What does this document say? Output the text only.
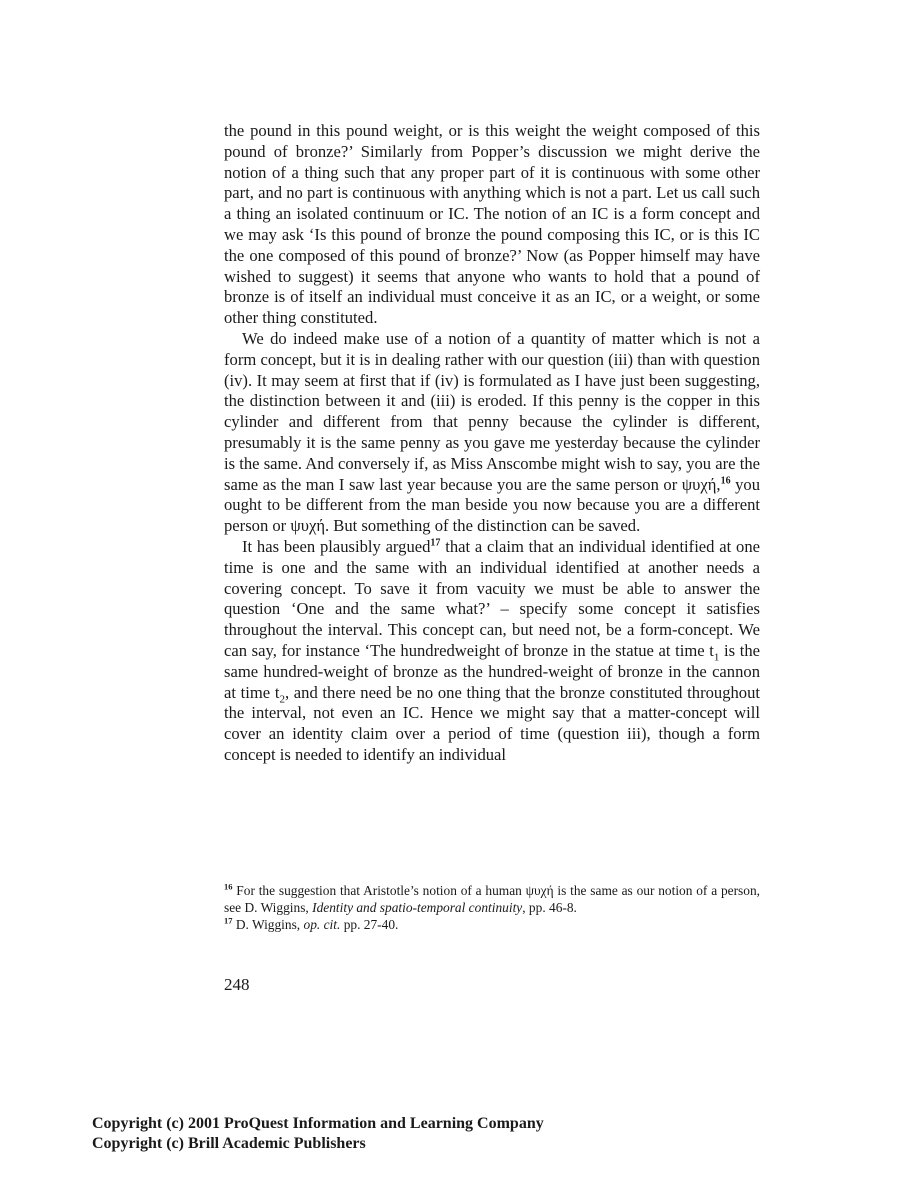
the pound in this pound weight, or is this weight the weight composed of this pound of bronze?’ Similarly from Popper’s discussion we might derive the notion of a thing such that any proper part of it is continuous with some other part, and no part is continuous with anything which is not a part. Let us call such a thing an isolated continuum or IC. The notion of an IC is a form concept and we may ask ‘Is this pound of bronze the pound composing this IC, or is this IC the one composed of this pound of bronze?’ Now (as Popper himself may have wished to suggest) it seems that anyone who wants to hold that a pound of bronze is of itself an individual must conceive it as an IC, or a weight, or some other thing constituted.

We do indeed make use of a notion of a quantity of matter which is not a form concept, but it is in dealing rather with our question (iii) than with question (iv). It may seem at first that if (iv) is formulated as I have just been suggesting, the distinction between it and (iii) is eroded. If this penny is the copper in this cylinder and different from that penny because the cylinder is different, presumably it is the same penny as you gave me yesterday because the cylinder is the same. And conversely if, as Miss Anscombe might wish to say, you are the same as the man I saw last year because you are the same person or ψυχή,$^{16}$ you ought to be different from the man beside you now because you are a different person or ψυχή. But something of the distinction can be saved.

It has been plausibly argued$^{17}$ that a claim that an individual identified at one time is one and the same with an individual identified at another needs a covering concept. To save it from vacuity we must be able to answer the question ‘One and the same what?’ – specify some concept it satisfies throughout the interval. This concept can, but need not, be a form-concept. We can say, for instance ‘The hundredweight of bronze in the statue at time $t_1$ is the same hundred-weight of bronze as the hundred-weight of bronze in the cannon at time $t_2$, and there need be no one thing that the bronze constituted throughout the interval, not even an IC. Hence we might say that a matter-concept will cover an identity claim over a period of time (question iii), though a form concept is needed to identify an individual

$^{16}$ For the suggestion that Aristotle’s notion of a human ψυχή is the same as our notion of a person, see D. Wiggins, Identity and spatio-temporal continuity, pp. 46-8.

$^{17}$ D. Wiggins, op. cit. pp. 27-40.

248
Copyright (c) 2001 ProQuest Information and Learning Company
Copyright (c) Brill Academic Publishers
